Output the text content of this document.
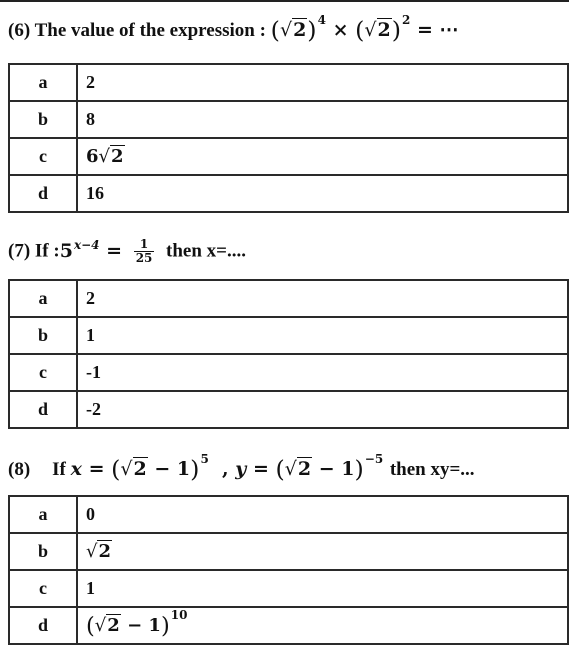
(6) The value of the expression : $(√2)^4 \times (√2)^2$ = ⋯
a	2
b	8
c	6√2
d	16
(7) If $:5^{x-4} = \frac{1}{25}$ then x=....
a	2
b	1
c	-1
d	-2
(8) If $x = (√2 - 1)^5$ , $y = (√2 - 1)^{-5}$ then xy=...
a	0
b	√2
c	1
d	$(√2 - 1)^{10}$
